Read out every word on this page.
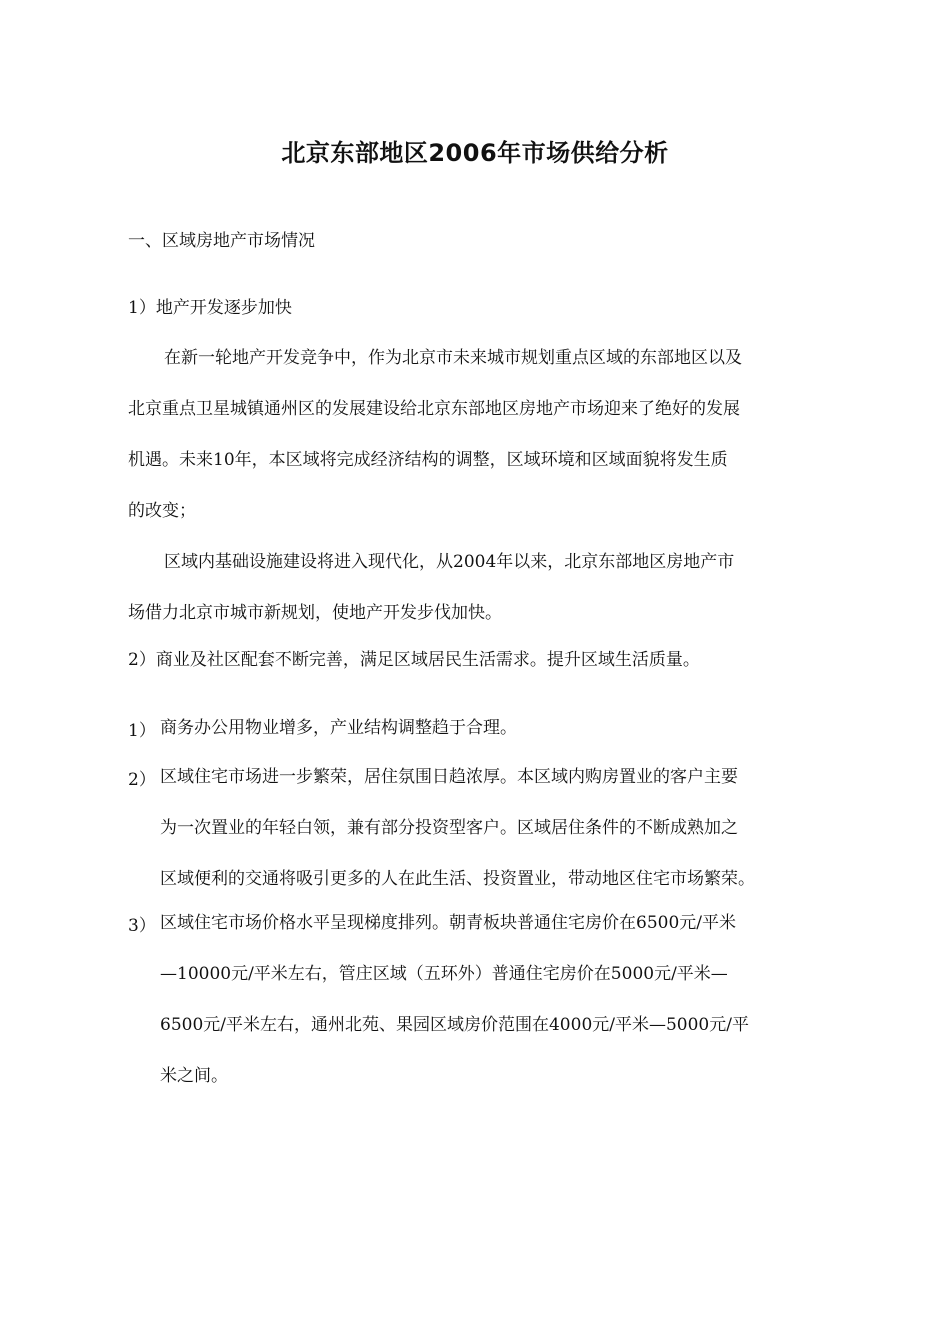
北京东部地区2006年市场供给分析
一、区域房地产市场情况
1）地产开发逐步加快
在新一轮地产开发竞争中，作为北京市未来城市规划重点区域的东部地区以及
北京重点卫星城镇通州区的发展建设给北京东部地区房地产市场迎来了绝好的发展
机遇。未来10年，本区域将完成经济结构的调整，区域环境和区域面貌将发生质
的改变；
区域内基础设施建设将进入现代化，从2004年以来，北京东部地区房地产市
场借力北京市城市新规划，使地产开发步伐加快。
2）商业及社区配套不断完善，满足区域居民生活需求。提升区域生活质量。
1） 商务办公用物业增多，产业结构调整趋于合理。
2） 区域住宅市场进一步繁荣，居住氛围日趋浓厚。本区域内购房置业的客户主要
为一次置业的年轻白领，兼有部分投资型客户。区域居住条件的不断成熟加之
区域便利的交通将吸引更多的人在此生活、投资置业，带动地区住宅市场繁荣。
3） 区域住宅市场价格水平呈现梯度排列。朝青板块普通住宅房价在6500元/平米
—10000元/平米左右，管庄区域（五环外）普通住宅房价在5000元/平米—
6500元/平米左右，通州北苑、果园区域房价范围在4000元/平米—5000元/平
米之间。
